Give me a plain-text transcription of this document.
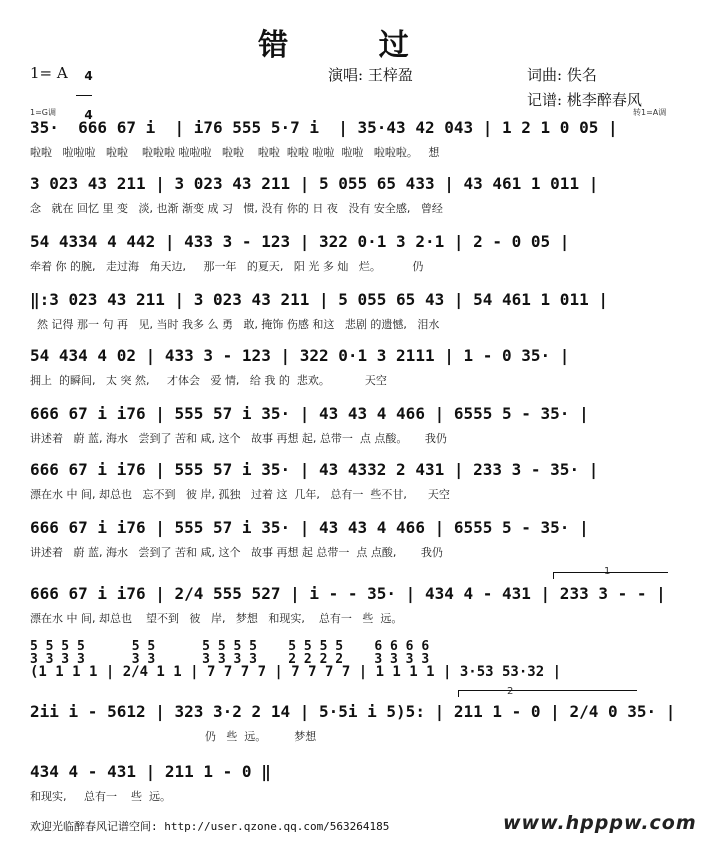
错 过
1= A	4

4

演唱: 王梓盈	词曲: 佚名
记谱: 桃李醉春风
1=G调	转1=A调
35·  666 67 i  | i76 555 5·7 i  | 35·43 42 043 | 1 2 1 0 05 |
啦啦   啦啦啦   啦啦    啦啦啦 啦啦啦   啦啦    啦啦  啦啦 啦啦  啦啦   啦啦啦。   想
3 023 43 211 | 3 023 43 211 | 5 055 65 433 | 43 461 1 011 |
念   就在 回忆 里 变   淡, 也渐 渐变 成 习   惯, 没有 你的 日 夜   没有 安全感,   曾经
54 4334 4 442 | 433 3 - 123 | 322 0·1 3 2·1 | 2 - 0 05 |
牵着 你 的腕,   走过海   角天边,     那一年   的夏天,   阳 光 多 灿   烂。         仍
‖:3 023 43 211 | 3 023 43 211 | 5 055 65 43 | 54 461 1 011 |
然 记得 那一 句 再   见, 当时 我多 么 勇   敢, 掩饰 伤感 和这   悲剧 的遗憾,   泪水
54 434 4 02 | 433 3 - 123 | 322 0·1 3 2111 | 1 - 0 35· |
拥上  的瞬间,   太 突 然,     才体会   爱 情,   给 我 的  悲欢。          天空
666 67 i i76 | 555 57 i 35· | 43 43 4 466 | 6555 5 - 35· |
讲述着   蔚 蓝, 海水   尝到了 苦和 咸, 这个   故事 再想 起, 总带一  点 点酸。     我仍
666 67 i i76 | 555 57 i 35· | 43 4332 2 431 | 233 3 - 35· |
漂在水 中 间, 却总也   忘不到   彼 岸, 孤独   过着 这  几年,   总有一  些不甘,      天空
666 67 i i76 | 555 57 i 35· | 43 43 4 466 | 6555 5 - 35· |
讲述着   蔚 蓝, 海水   尝到了 苦和 咸, 这个   故事 再想 起 总带一  点 点酸,       我仍
666 67 i i76 | 2/4 555 527 | i - - 35· | 434 4 - 431 | 233 3 - - |
漂在水 中 间, 却总也    望不到   彼   岸,   梦想   和现实,    总有一   些  远。
2ii i - 5612 | 323 3·2 2 14 | 5·5i i 5)5: | 211 1 - 0 | 2/4 0 35· |
仍   些  远。        梦想
434 4 - 431 | 211 1 - 0 ‖
和现实,     总有一    些  远。
5 5 5 5      5 5      5 5 5 5    5 5 5 5    6 6 6 6
3 3 3 3      3 3      3 3 3 3    2 2 2 2    3 3 3 3
(1 1 1 1 | 2/4 1 1 | 7 7 7 7 | 7 7 7 7 | 1 1 1 1 | 3·53 53·32 |
1
2
欢迎光临醉春风记谱空间: http://user.qzone.qq.com/563264185	www.hpppw.com
